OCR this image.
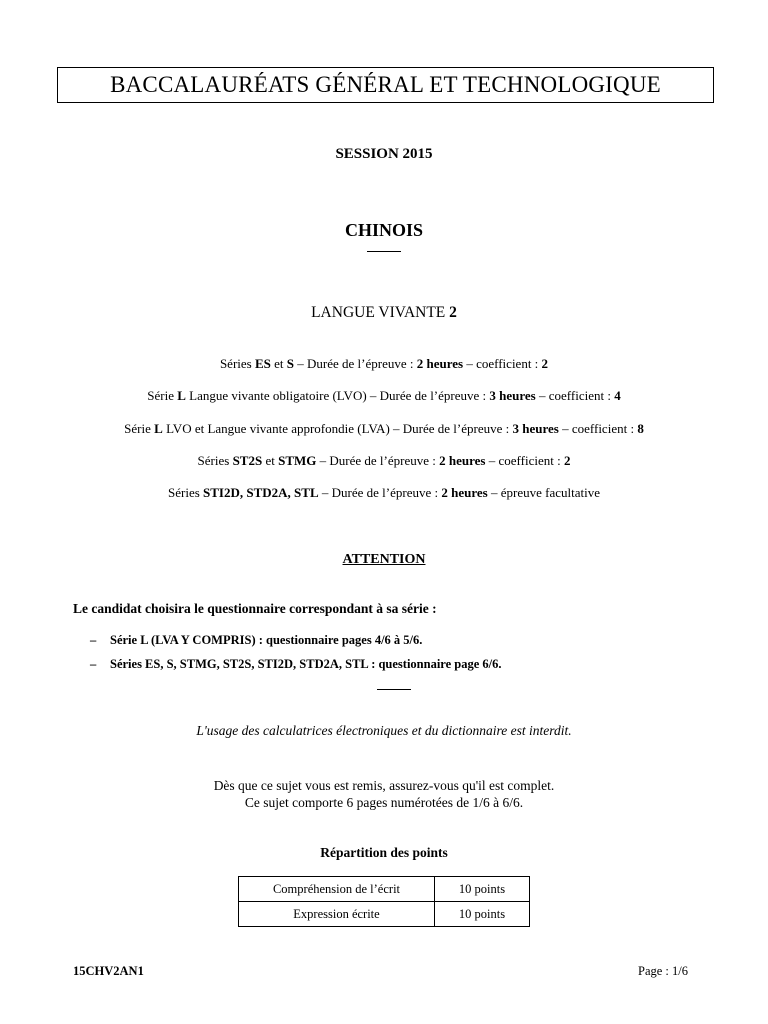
BACCALAURÉATS GÉNÉRAL ET TECHNOLOGIQUE
SESSION 2015
CHINOIS
LANGUE VIVANTE 2
Séries ES et S – Durée de l’épreuve : 2 heures – coefficient : 2
Série L Langue vivante obligatoire (LVO) – Durée de l’épreuve : 3 heures – coefficient : 4
Série L LVO et Langue vivante approfondie (LVA) – Durée de l’épreuve : 3 heures – coefficient : 8
Séries ST2S et STMG – Durée de l’épreuve : 2 heures – coefficient : 2
Séries STI2D, STD2A, STL – Durée de l’épreuve : 2 heures – épreuve facultative
ATTENTION
Le candidat choisira le questionnaire correspondant à sa série :
– Série L (LVA Y COMPRIS) : questionnaire pages 4/6 à 5/6.
– Séries ES, S, STMG, ST2S, STI2D, STD2A, STL : questionnaire page 6/6.
L'usage des calculatrices électroniques et du dictionnaire est interdit.
Dès que ce sujet vous est remis, assurez-vous qu'il est complet.
Ce sujet comporte 6 pages numérotées de 1/6 à 6/6.
Répartition des points
Compréhension de l’écrit	10 points
Expression écrite	10 points
15CHV2AN1	Page : 1/6
